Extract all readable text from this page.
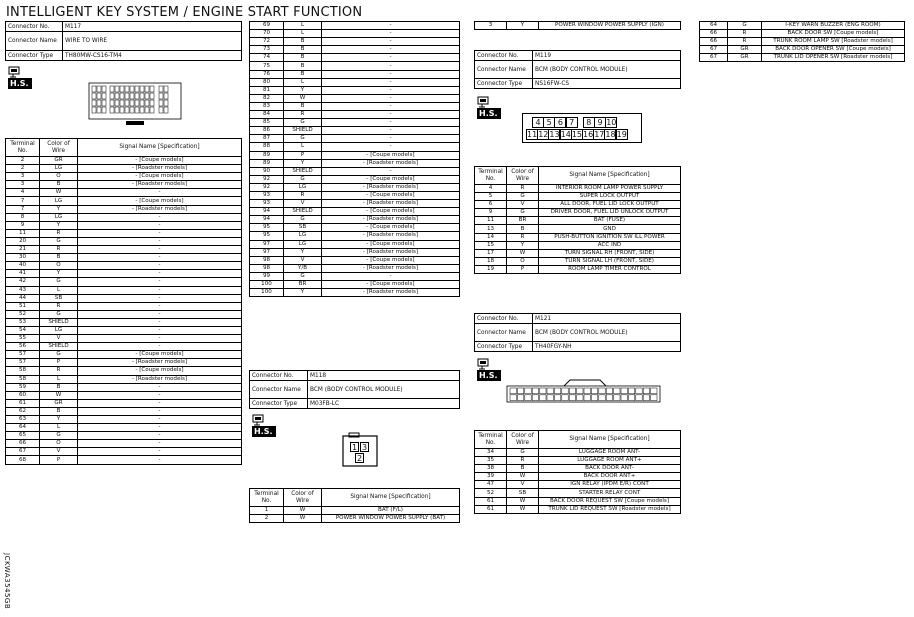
INTELLIGENT KEY SYSTEM / ENGINE START FUNCTION
Connector No.	M117
Connector Name	WIRE TO WIRE
Connector Type	TH80MW-CS16-TM4
H.S.
Terminal No.	Color of Wire	Signal Name [Specification]
2	GR	- [Coupe models]
2	LG	- [Roadster models]
3	O	- [Coupe models]
3	B	- [Roadster models]
4	W	-
7	LG	- [Coupe models]
7	Y	- [Roadster models]
8	LG	-
9	Y	-
11	R	-
20	G	-
21	R	-
30	B	-
40	O	-
41	Y	-
42	G	-
43	L	-
44	SB	-
51	R	-
52	G	-
53	SHIELD	-
54	LG	-
55	V	-
56	SHIELD	-
57	G	- [Coupe models]
57	P	- [Roadster models]
58	R	- [Coupe models]
58	L	- [Roadster models]
59	B	-
60	W	-
61	GR	-
62	B	-
63	Y	-
64	L	-
65	G	-
66	O	-
67	V	-
68	P	-
69	L	-
70	L	-
72	B	-
73	B	-
74	B	-
75	B	-
76	B	-
80	L	-
81	Y	-
82	W	-
83	B	-
84	R	-
85	G	-
86	SHIELD	-
87	G	-
88	L	-
89	P	- [Coupe models]
89	Y	- [Roadster models]
90	SHIELD	-
92	G	- [Coupe models]
92	LG	- [Roadster models]
93	R	- [Coupe models]
93	V	- [Roadster models]
94	SHIELD	- [Coupe models]
94	G	- [Roadster models]
95	SB	- [Coupe models]
95	LG	- [Roadster models]
97	LG	- [Coupe models]
97	Y	- [Roadster models]
98	V	- [Coupe models]
98	Y/B	- [Roadster models]
99	G	-
100	BR	- [Coupe models]
100	Y	- [Roadster models]
Connector No.	M118
Connector Name	BCM (BODY CONTROL MODULE)
Connector Type	M03FB-LC
H.S.
1 3
2
Terminal No.	Color of Wire	Signal Name [Specification]
1	W	BAT (F/L)
2	W	POWER WINDOW POWER SUPPLY (BAT)
3	Y	POWER WINDOW POWER SUPPLY (IGN)
Connector No.	M119
Connector Name	BCM (BODY CONTROL MODULE)
Connector Type	NS16FW-CS
H.S.
4 5 6 7	8 9 10
11 12 13 14 15 16 17 18 19
Terminal No.	Color of Wire	Signal Name [Specification]
4	R	INTERIOR ROOM LAMP POWER SUPPLY
5	G	SUPER LOCK OUTPUT
6	V	ALL DOOR, FUEL LID LOCK OUTPUT
9	G	DRIVER DOOR, FUEL LID UNLOCK OUTPUT
11	BR	BAT (FUSE)
13	B	GND
14	R	PUSH-BUTTON IGNITION SW ILL POWER
15	Y	ACC IND
17	W	TURN SIGNAL RH (FRONT, SIDE)
18	O	TURN SIGNAL LH (FRONT, SIDE)
19	P	ROOM LAMP TIMER CONTROL
Connector No.	M121
Connector Name	BCM (BODY CONTROL MODULE)
Connector Type	TH40FGY-NH
H.S.
Terminal No.	Color of Wire	Signal Name [Specification]
34	G	LUGGAGE ROOM ANT-
35	R	LUGGAGE ROOM ANT+
38	B	BACK DOOR ANT-
39	W	BACK DOOR ANT+
47	V	IGN RELAY (IPDM E/R) CONT
52	SB	STARTER RELAY CONT
61	W	BACK DOOR REQUEST SW [Coupe models]
61	W	TRUNK LID REQUEST SW [Roadster models]
64	G	I-KEY WARN BUZZER (ENG ROOM)
66	R	BACK DOOR SW [Coupe models]
66	R	TRUNK ROOM LAMP SW [Roadster models]
67	GR	BACK DOOR OPENER SW [Coupe models]
67	GR	TRUNK LID OPENER SW [Roadster models]
JCKWA3545GB
